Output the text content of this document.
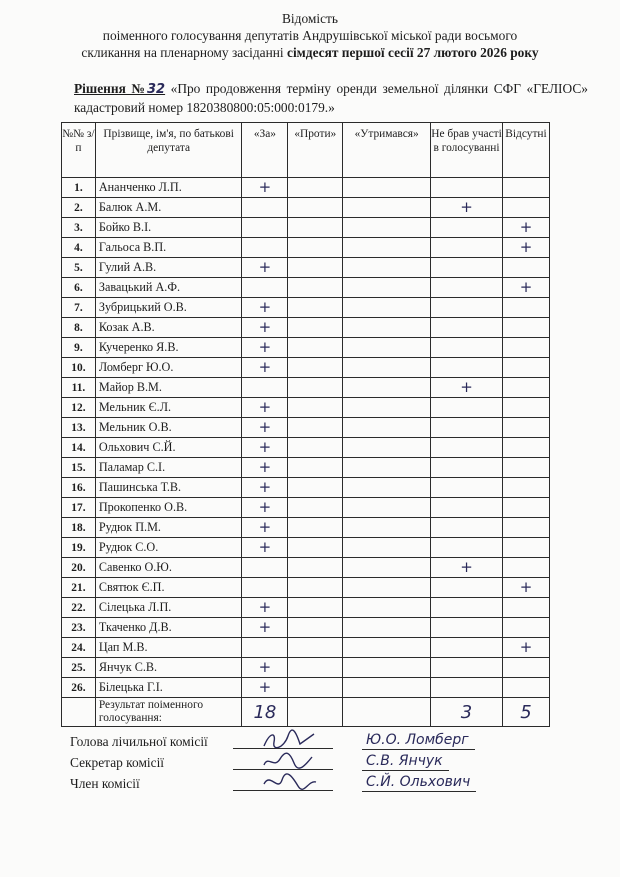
Відомість
поіменного голосування депутатів Андрушівської міської ради восьмого
скликання на пленарному засіданні сімдесят першої сесії 27 лютого 2026 року
Рішення №32 «Про продовження терміну оренди земельної ділянки СФГ «ГЕЛІОС» кадастровий номер 1820380800:05:000:0179.»
№№ з/п	Прізвище, ім'я, по батькові депутата	«За»	«Проти»	«Утримався»	Не брав участі в голосуванні	Відсутні
1.	Ананченко Л.П.	+				
2.	Балюк А.М.				+	
3.	Бойко В.І.					+
4.	Гальоса В.П.					+
5.	Гулий А.В.	+				
6.	Завацький А.Ф.					+
7.	Зубрицький О.В.	+				
8.	Козак А.В.	+				
9.	Кучеренко Я.В.	+				
10.	Ломберг Ю.О.	+				
11.	Майор В.М.				+	
12.	Мельник Є.Л.	+				
13.	Мельник О.В.	+				
14.	Ольхович С.Й.	+				
15.	Паламар С.І.	+				
16.	Пашинська Т.В.	+				
17.	Прокопенко О.В.	+				
18.	Рудюк П.М.	+				
19.	Рудюк С.О.	+				
20.	Савенко О.Ю.				+	
21.	Святюк Є.П.					+
22.	Сілецька Л.П.	+				
23.	Ткаченко Д.В.	+				
24.	Цап М.В.					+
25.	Янчук С.В.	+				
26.	Білецька Г.І.	+				
	Результат поіменного голосування:	18			3	5
Голова лічильної комісії	Ю.О. Ломберг
Секретар комісії	С.В. Янчук
Член комісії	С.Й. Ольхович
